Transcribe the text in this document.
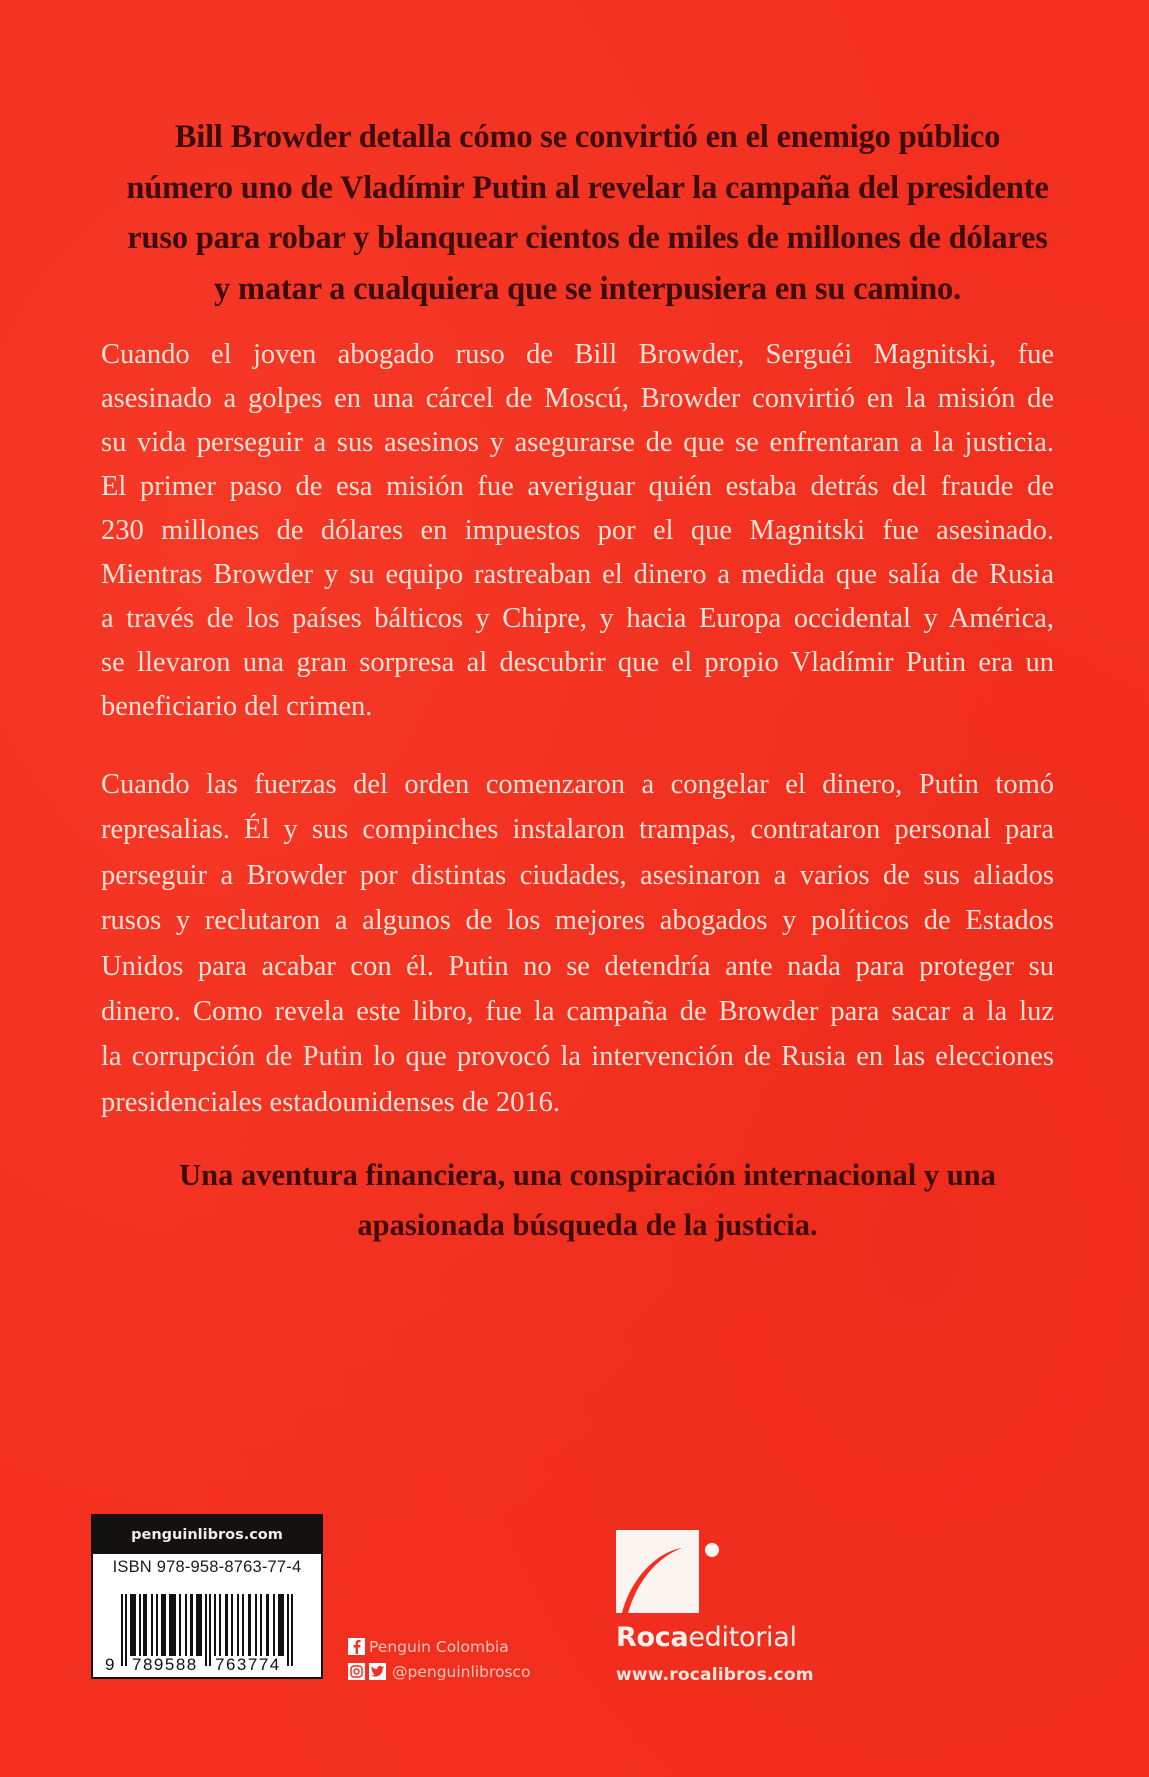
Bill Browder detalla cómo se convirtió en el enemigo público
número uno de Vladímir Putin al revelar la campaña del presidente
ruso para robar y blanquear cientos de miles de millones de dólares
y matar a cualquiera que se interpusiera en su camino.
Cuando el joven abogado ruso de Bill Browder, Serguéi Magnitski, fue
asesinado a golpes en una cárcel de Moscú, Browder convirtió en la misión de
su vida perseguir a sus asesinos y asegurarse de que se enfrentaran a la justicia.
El primer paso de esa misión fue averiguar quién estaba detrás del fraude de
230 millones de dólares en impuestos por el que Magnitski fue asesinado.
Mientras Browder y su equipo rastreaban el dinero a medida que salía de Rusia
a través de los países bálticos y Chipre, y hacia Europa occidental y América,
se llevaron una gran sorpresa al descubrir que el propio Vladímir Putin era un
beneficiario del crimen.
Cuando las fuerzas del orden comenzaron a congelar el dinero, Putin tomó
represalias. Él y sus compinches instalaron trampas, contrataron personal para
perseguir a Browder por distintas ciudades, asesinaron a varios de sus aliados
rusos y reclutaron a algunos de los mejores abogados y políticos de Estados
Unidos para acabar con él. Putin no se detendría ante nada para proteger su
dinero. Como revela este libro, fue la campaña de Browder para sacar a la luz
la corrupción de Putin lo que provocó la intervención de Rusia en las elecciones
presidenciales estadounidenses de 2016.
Una aventura financiera, una conspiración internacional y una
apasionada búsqueda de la justicia.
penguinlibros.com
ISBN 978-958-8763-77-4
9 789588 763774
Penguin Colombia
@penguinlibrosco
Rocaeditorial
www.rocalibros.com
